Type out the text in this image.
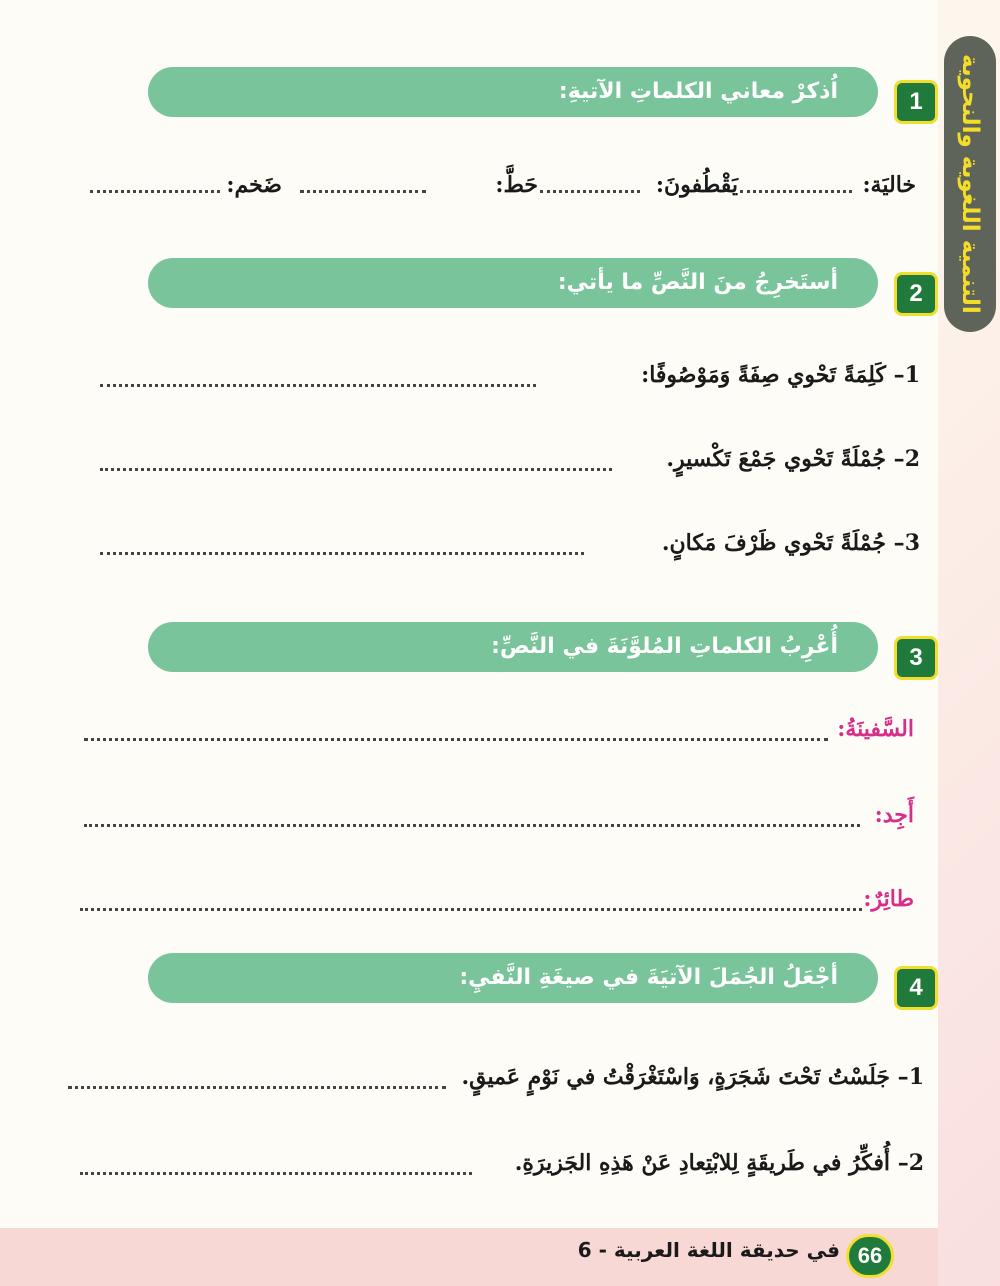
التنمية اللغوية والنحوية
اُذكرْ معاني الكلماتِ الآتيةِ:	1
خاليَة:
يَقْطُفونَ:
حَطَّ:
ضَخم:
أستَخرِجُ منَ النَّصِّ ما يأتي:	2
1– كَلِمَةً تَحْوي صِفَةً وَمَوْصُوفًا:
2– جُمْلَةً تَحْوي جَمْعَ تَكْسيرٍ.
3– جُمْلَةً تَحْوي ظَرْفَ مَكانٍ.
أُعْرِبُ الكلماتِ المُلوَّنَةَ في النَّصِّ:	3
السَّفينَةُ:
أَجِد:
طائِرٌ:
أجْعَلُ الجُمَلَ الآتيَةَ في صيغَةِ النَّفيِ:	4
1– جَلَسْتُ تَحْتَ شَجَرَةٍ، وَاسْتَغْرَقْتُ في نَوْمٍ عَميقٍ.
2– أُفكِّرُ في طَريقَةٍ لِلابْتِعادِ عَنْ هَذِهِ الجَزيرَةِ.
66
في حديقة اللغة العربية - 6
